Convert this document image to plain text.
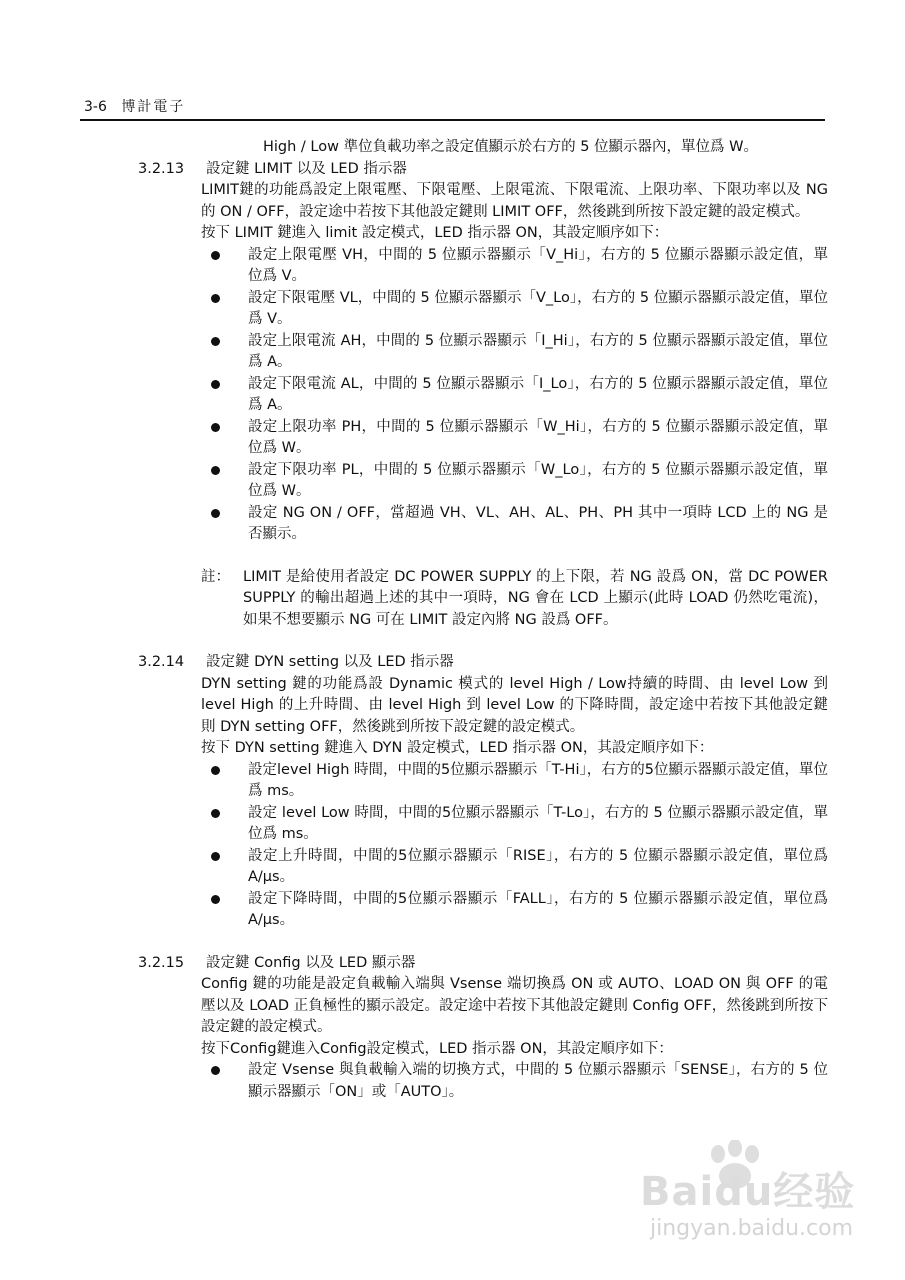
3-6 博計電子
High / Low 準位負載功率之設定值顯示於右方的 5 位顯示器內，單位爲 W。
3.2.13	設定鍵 LIMIT 以及 LED 指示器
LIMIT鍵的功能爲設定上限電壓、下限電壓、上限電流、下限電流、上限功率、下限功率以及 NG 的 ON / OFF，設定途中若按下其他設定鍵則 LIMIT OFF，然後跳到所按下設定鍵的設定模式。
按下 LIMIT 鍵進入 limit 設定模式，LED 指示器 ON，其設定順序如下：
設定上限電壓 VH，中間的 5 位顯示器顯示「V_Hi」，右方的 5 位顯示器顯示設定值，單位爲 V。
設定下限電壓 VL，中間的 5 位顯示器顯示「V_Lo」，右方的 5 位顯示器顯示設定值，單位爲 V。
設定上限電流 AH，中間的 5 位顯示器顯示「I_Hi」，右方的 5 位顯示器顯示設定值，單位爲 A。
設定下限電流 AL，中間的 5 位顯示器顯示「I_Lo」，右方的 5 位顯示器顯示設定值，單位爲 A。
設定上限功率 PH，中間的 5 位顯示器顯示「W_Hi」，右方的 5 位顯示器顯示設定值，單位爲 W。
設定下限功率 PL，中間的 5 位顯示器顯示「W_Lo」，右方的 5 位顯示器顯示設定值，單位爲 W。
設定 NG ON / OFF，當超過 VH、VL、AH、AL、PH、PH 其中一項時 LCD 上的 NG 是否顯示。
註： LIMIT 是給使用者設定 DC POWER SUPPLY 的上下限，若 NG 設爲 ON，當 DC POWER SUPPLY 的輸出超過上述的其中一項時，NG 會在 LCD 上顯示(此時 LOAD 仍然吃電流)，如果不想要顯示 NG 可在 LIMIT 設定內將 NG 設爲 OFF。
3.2.14	設定鍵 DYN setting 以及 LED 指示器
DYN setting 鍵的功能爲設 Dynamic 模式的 level High / Low持續的時間、由 level Low 到 level High 的上升時間、由 level High 到 level Low 的下降時間，設定途中若按下其他設定鍵則 DYN setting OFF，然後跳到所按下設定鍵的設定模式。
按下 DYN setting 鍵進入 DYN 設定模式，LED 指示器 ON，其設定順序如下：
設定level High 時間，中間的5位顯示器顯示「T-Hi」，右方的5位顯示器顯示設定值，單位爲 ms。
設定 level Low 時間，中間的5位顯示器顯示「T-Lo」，右方的 5 位顯示器顯示設定值，單位爲 ms。
設定上升時間，中間的5位顯示器顯示「RISE」，右方的 5 位顯示器顯示設定值，單位爲 A/μs。
設定下降時間，中間的5位顯示器顯示「FALL」，右方的 5 位顯示器顯示設定值，單位爲 A/μs。
3.2.15	設定鍵 Config 以及 LED 顯示器
Config 鍵的功能是設定負載輸入端與 Vsense 端切換爲 ON 或 AUTO、LOAD ON 與 OFF 的電壓以及 LOAD 正負極性的顯示設定。設定途中若按下其他設定鍵則 Config OFF，然後跳到所按下設定鍵的設定模式。
按下Config鍵進入Config設定模式，LED 指示器 ON，其設定順序如下：
設定 Vsense 與負載輸入端的切換方式，中間的 5 位顯示器顯示「SENSE」，右方的 5 位顯示器顯示「ON」或「AUTO」。
Baidu经验
jingyan.baidu.com
